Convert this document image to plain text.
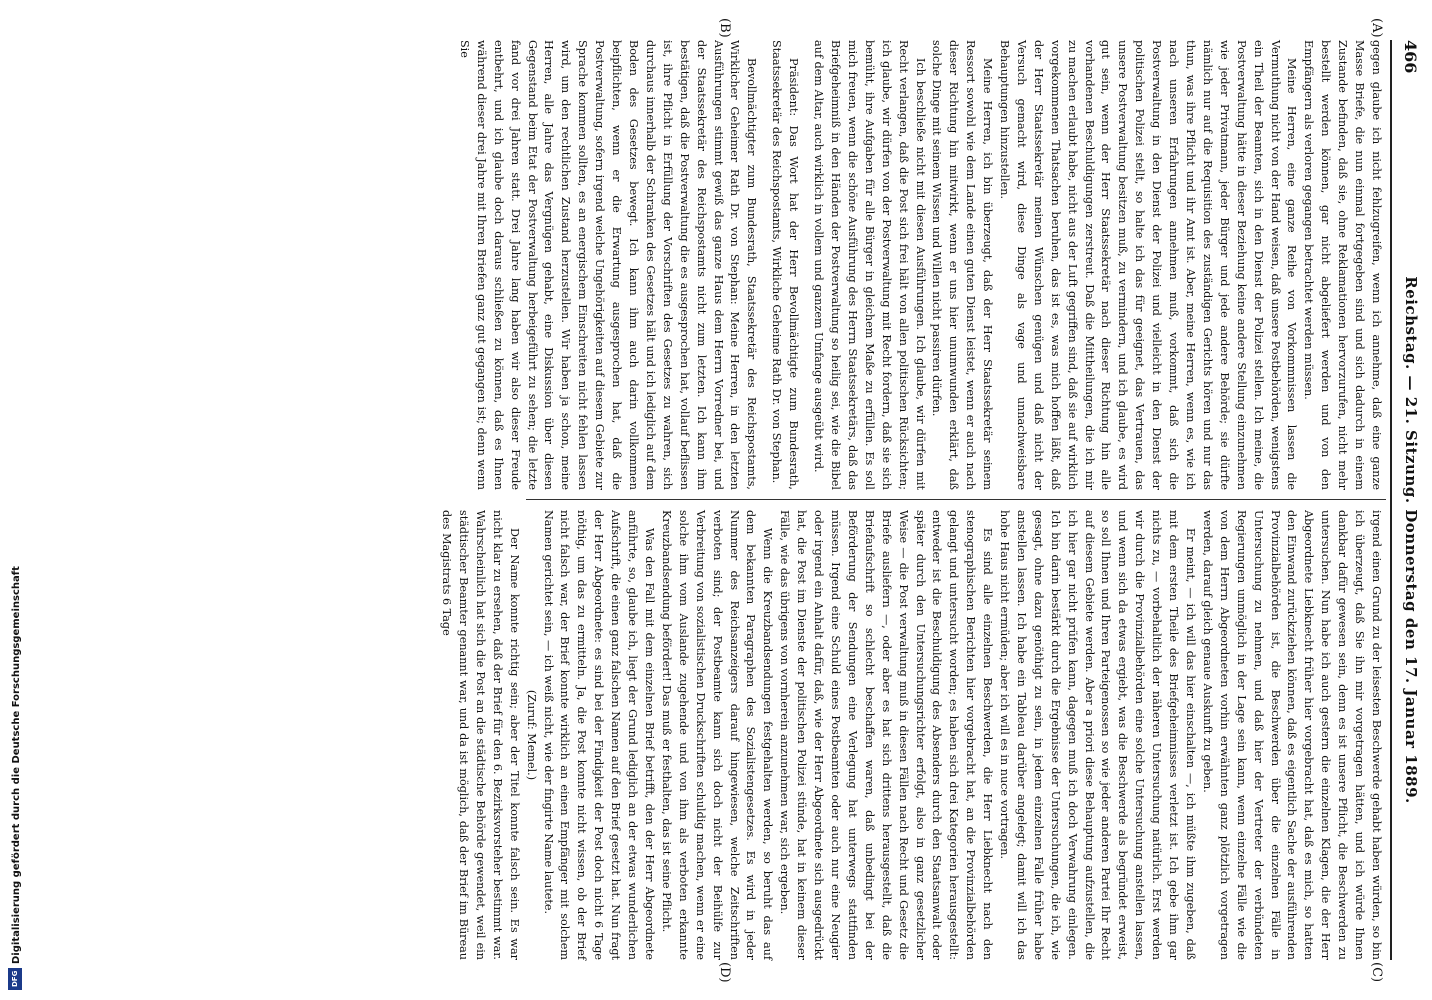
466
Reichstag. — 21. Sitzung. Donnerstag den 17. Januar 1889.

gegen glaube ich nicht fehlzugreifen, wenn ich annehme, daß eine ganze Masse Briefe, die nun einmal fortgegeben sind und sich dadurch in einem Zustande befinden, daß sie, ohne Reklamationen hervorzurufen, nicht mehr bestellt werden können, gar nicht abgeliefert werden und von den Empfängern als verloren gegangen betrachtet werden müssen.

Meine Herren, eine ganze Reihe von Vorkommnissen lassen die Vermuthung nicht von der Hand weisen, daß unsere Postbehörden, wenigstens ein Theil der Beamten, sich in den Dienst der Polizei stellen. Ich meine, die Postverwaltung hätte in dieser Beziehung keine andere Stellung einzunehmen wie jeder Privatmann, jeder Bürger und jede andere Behörde; sie dürfte nämlich nur auf die Requisition des zuständigen Gerichts hören und nur das thun, was ihre Pflicht und ihr Amt ist. Aber, meine Herren, wenn es, wie ich nach unseren Erfahrungen annehmen muß, vorkommt, daß sich die Postverwaltung in den Dienst der Polizei und vielleicht in den Dienst der politischen Polizei stellt, so halte ich das für geeignet, das Vertrauen, das unsere Postverwaltung besitzen muß, zu vermindern, und ich glaube, es wird gut sein, wenn der Herr Staatssekretär nach dieser Richtung hin alle vorhandenen Beschuldigungen zerstreut. Daß die Mittheilungen, die ich mir zu machen erlaubt habe, nicht aus der Luft gegriffen sind, daß sie auf wirklich vorgekommenen Thatsachen beruhen, das ist es, was mich hoffen läßt, daß der Herr Staatssekretär meinen Wünschen genügen und daß nicht der Versuch gemacht wird, diese Dinge als vage und unnachweisbare Behauptungen hinzustellen.

Meine Herren, ich bin überzeugt, daß der Herr Staatssekretär seinem Ressort sowohl wie dem Lande einen guten Dienst leistet, wenn er auch nach dieser Richtung hin mitwirkt, wenn er uns hier unumwunden erklärt, daß solche Dinge mit seinem Wissen und Willen nicht passiren dürfen.

Ich beschließe nicht mit diesen Ausführungen. Ich glaube, wir dürfen mit Recht verlangen, daß die Post sich frei hält von allen politischen Rücksichten; ich glaube, wir dürfen von der Postverwaltung mit Recht fordern, daß sie sich bemüht, ihre Aufgaben für alle Bürger in gleichem Maße zu erfüllen. Es soll mich freuen, wenn die schöne Ausführung des Herrn Staatssekretärs, daß das Briefgeheimniß in den Händen der Postverwaltung so heilig sei, wie die Bibel auf dem Altar, auch wirklich in vollem und ganzem Umfange ausgeübt wird.

Präsident: Das Wort hat der Herr Bevollmächtigte zum Bundesrath, Staatssekretär des Reichspostamts, Wirkliche Geheime Rath Dr. von Stephan.

Bevollmächtigter zum Bundesrath, Staatssekretär des Reichspostamts, Wirklicher Geheimer Rath Dr. von Stephan: Meine Herren, in den letzten Ausführungen stimmt gewiß das ganze Haus dem Herrn Vorredner bei, und der Staatssekretär des Reichspostamts nicht zum letzten. Ich kann ihm bestätigen, daß die Postverwaltung die es ausgesprochen hat, vollauf beflissen ist, ihre Pflicht in Erfüllung der Vorschriften des Gesetzes zu wahren, sich durchaus innerhalb der Schranken des Gesetzes hält und ich lediglich auf dem Boden des Gesetzes bewegt. Ich kann ihm auch darin vollkommen beipflichten, wenn er die Erwartung ausgesprochen hat, daß die Postverwaltung, sofern irgend welche Ungehörigkeiten auf diesem Gebiete zur Sprache kommen sollten, es an energischem Einschreiten nicht fehlen lassen wird, um den rechtlichen Zustand herzustellen. Wir haben ja schon, meine Herren, alle Jahre das Vergnügen gehabt, eine Diskussion über diesen Gegenstand beim Etat der Postverwaltung herbeigeführt zu sehen; die letzte fand vor drei Jahren statt. Drei Jahre lang haben wir also dieser Freude entbehrt, und ich glaube doch daraus schließen zu können, daß es Ihnen während dieser drei Jahre mit Ihren Briefen ganz gut gegangen ist; denn wenn Sie

irgend einen Grund zu der leisesten Beschwerde gehabt haben würden, so bin ich überzeugt, daß Sie ihn mir vorgetragen hätten, und ich würde Ihnen dankbar dafür gewesen sein, denn es ist unsere Pflicht, die Beschwerden zu untersuchen. Nun habe ich auch gestern die einzelnen Klagen, die der Herr Abgeordnete Liebknecht früher hier vorgebracht hat, daß es mich, so hatten den Einwand zurückziehen können, daß es eigentlich Sache der ausführenden Provinzialbehörden ist, die Beschwerden über die einzelnen Fälle in Untersuchung zu nehmen, und daß hier der Vertreter der verbündeten Regierungen unmöglich in der Lage sein kann, wenn einzelne Fälle wie die von dem Herrn Abgeordneten vorhin erwähnten ganz plötzlich vorgetragen werden, darauf gleich genaue Auskunft zu geben.

Er meint, — ich will das hier einschalten —, ich müßte ihm zugeben, daß mit dem ersten Theile des Briefgeheimnisses verletzt ist. Ich gebe ihm gar nichts zu, — vorbehaltlich der näheren Untersuchung natürlich. Erst werden wir durch die Provinzialbehörden eine solche Untersuchung anstellen lassen, und wenn sich da etwas ergiebt, was die Beschwerde als begründet erweist, so soll Ihnen und Ihren Parteigenossen so wie jeder anderen Partei Ihr Recht auf diesem Gebiete werden. Aber a priori diese Behauptung aufzustellen, die ich hier gar nicht prüfen kann, dagegen muß ich doch Verwahrung einlegen. Ich bin darin bestärkt durch die Ergebnisse der Untersuchungen, die ich, wie gesagt, ohne dazu genöthigt zu sein, in jedem einzelnen Falle früher habe anstellen lassen. Ich habe ein Tableau darüber angelegt; damit will ich das hohe Haus nicht ermüden; aber ich will es in nuce vortragen.

Es sind alle einzelnen Beschwerden, die Herr Liebknecht nach den stenographischen Berichten hier vorgebracht hat, an die Provinzialbehörden gelangt und untersucht worden; es haben sich drei Kategorien herausgestellt: entweder ist die Beschuldigung des Absenders durch den Staatsanwalt oder später durch den Untersuchungsrichter erfolgt, also in ganz gesetzlicher Weise — die Post verwaltung muß in diesen Fällen nach Recht und Gesetz die Briefe ausliefern —, oder aber es hat sich drittens herausgestellt, daß die Briefaufschrift so schlecht beschaffen waren, daß unbedingt bei der Beförderung der Sendungen eine Verlegung hat unterwegs stattfinden müssen. Irgend eine Schuld eines Postbeamten oder auch nur eine Neugier oder irgend ein Anhalt dafür, daß, wie der Herr Abgeordnete sich ausgedrückt hat, die Post im Dienste der politischen Polizei stünde, hat in keinem dieser Fälle, wie das übrigens von vornherein anzunehmen war, sich ergeben.

Wenn die Kreuzbandsendungen festgehalten werden, so beruht das auf dem bekannten Paragraphen des Sozialistengesetzes. Es wird in jeder Nummer des Reichsanzeigers darauf hingewiesen, welche Zeitschriften verboten sind; der Postbeamte kann sich doch nicht der Beihülfe zur Verbreitung von sozialistischen Druckschriften schuldig machen, wenn er eine solche ihm vom Auslande zugehende und von ihm als verboten erkannte Kreuzbandsendung befördert! Das muß er festhalten, das ist seine Pflicht.

Was den Fall mit dem einzelnen Brief betrifft, den der Herr Abgeordnete anführte, so, glaube ich, liegt der Grund lediglich an der etwas wunderlichen Aufschrift, die einen ganz falschen Namen auf den Brief gesetzt hat. Nun fragt der Herr Abgeordnete: es sind bei der Findigkeit der Post doch nicht 6 Tage nöthig, um das zu ermitteln. Ja, die Post konnte nicht wissen, ob der Brief nicht falsch war, der Brief konnte wirklich an einen Empfänger mit solchem Namen gerichtet sein, — ich weiß nicht, wie der fingirte Name lautete.

(Zuruf: Memel.)

Der Name konnte richtig sein; aber der Titel konnte falsch sein. Es war nicht klar zu ersehen, daß der Brief für den 6. Bezirksvorsteher bestimmt war. Wahrscheinlich hat sich die Post an die städtische Behörde gewendet, weil ein städtischer Beamter genannt war, und da ist möglich, daß der Brief im Büreau des Magistrats 6 Tage

(A)
(B)
(C)
(D)
Digitalisierung gefördert durch die Deutsche Forschungsgemeinschaft
DFG
